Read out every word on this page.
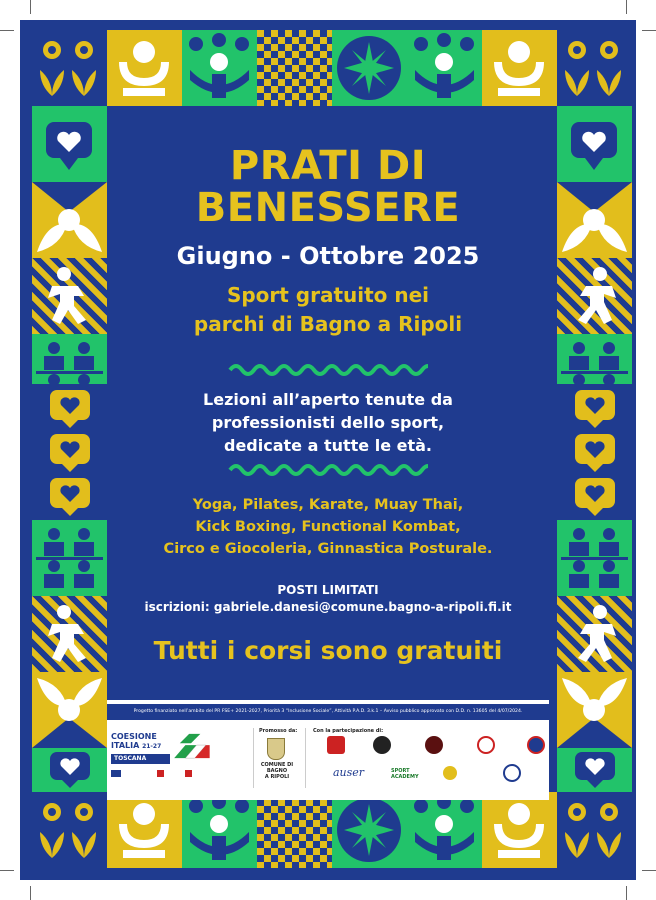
PRATI DI
BENESSERE
Giugno - Ottobre 2025
Sport gratuito nei
parchi di Bagno a Ripoli
Lezioni all’aperto tenute da
professionisti dello sport,
dedicate a tutte le età.
Yoga, Pilates, Karate, Muay Thai,
Kick Boxing, Functional Kombat,
Circo e Giocoleria, Ginnastica Posturale.
POSTI LIMITATI
iscrizioni: gabriele.danesi@comune.bagno-a-ripoli.fi.it
Tutti i corsi sono gratuiti
Progetto finanziato nell’ambito del PR FSE+ 2021-2027, Priorità 3 “Inclusione Sociale”, Attività P.A.D. 3.k.1 – Avviso pubblico approvato con D.D. n. 13605 del 4/07/2024.
COESIONE
ITALIA 21-27
TOSCANA
Promosso da:
COMUNE DI
BAGNO
A RIPOLI
Con la partecipazione di:
auser	SPORT ACADEMY
